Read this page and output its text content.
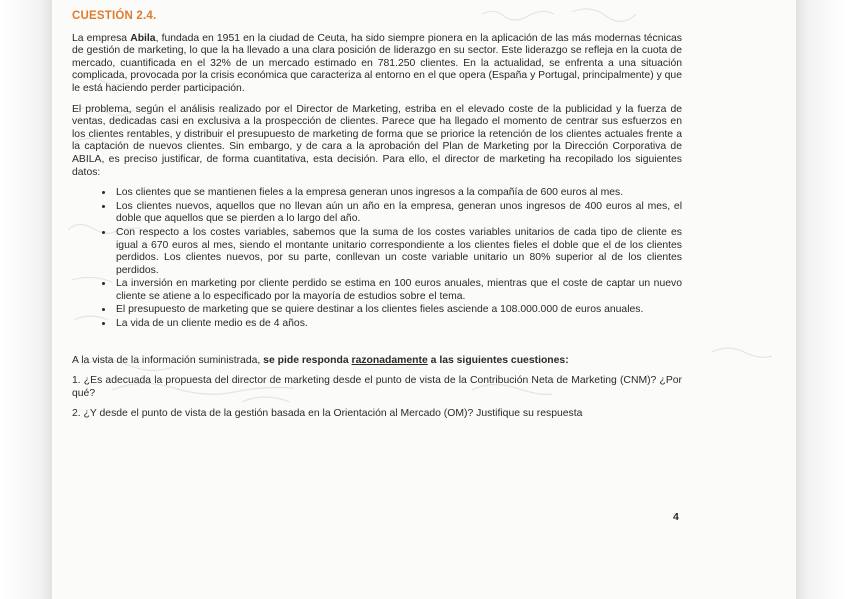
CUESTIÓN 2.4.

La empresa Abila, fundada en 1951 en la ciudad de Ceuta, ha sido siempre pionera en la aplicación de las más modernas técnicas de gestión de marketing, lo que la ha llevado a una clara posición de liderazgo en su sector. Este liderazgo se refleja en la cuota de mercado, cuantificada en el 32% de un mercado estimado en 781.250 clientes. En la actualidad, se enfrenta a una situación complicada, provocada por la crisis económica que caracteriza al entorno en el que opera (España y Portugal, principalmente) y que le está haciendo perder participación.

El problema, según el análisis realizado por el Director de Marketing, estriba en el elevado coste de la publicidad y la fuerza de ventas, dedicadas casi en exclusiva a la prospección de clientes. Parece que ha llegado el momento de centrar sus esfuerzos en los clientes rentables, y distribuir el presupuesto de marketing de forma que se priorice la retención de los clientes actuales frente a la captación de nuevos clientes. Sin embargo, y de cara a la aprobación del Plan de Marketing por la Dirección Corporativa de ABILA, es preciso justificar, de forma cuantitativa, esta decisión. Para ello, el director de marketing ha recopilado los siguientes datos:

• Los clientes que se mantienen fieles a la empresa generan unos ingresos a la compañía de 600 euros al mes.
• Los clientes nuevos, aquellos que no llevan aún un año en la empresa, generan unos ingresos de 400 euros al mes, el doble que aquellos que se pierden a lo largo del año.
• Con respecto a los costes variables, sabemos que la suma de los costes variables unitarios de cada tipo de cliente es igual a 670 euros al mes, siendo el montante unitario correspondiente a los clientes fieles el doble que el de los clientes perdidos. Los clientes nuevos, por su parte, conllevan un coste variable unitario un 80% superior al de los clientes perdidos.
• La inversión en marketing por cliente perdido se estima en 100 euros anuales, mientras que el coste de captar un nuevo cliente se atiene a lo especificado por la mayoría de estudios sobre el tema.
• El presupuesto de marketing que se quiere destinar a los clientes fieles asciende a 108.000.000 de euros anuales.
• La vida de un cliente medio es de 4 años.

A la vista de la información suministrada, se pide responda razonadamente a las siguientes cuestiones:

1. ¿Es adecuada la propuesta del director de marketing desde el punto de vista de la Contribución Neta de Marketing (CNM)? ¿Por qué?

2. ¿Y desde el punto de vista de la gestión basada en la Orientación al Mercado (OM)? Justifique su respuesta

4
